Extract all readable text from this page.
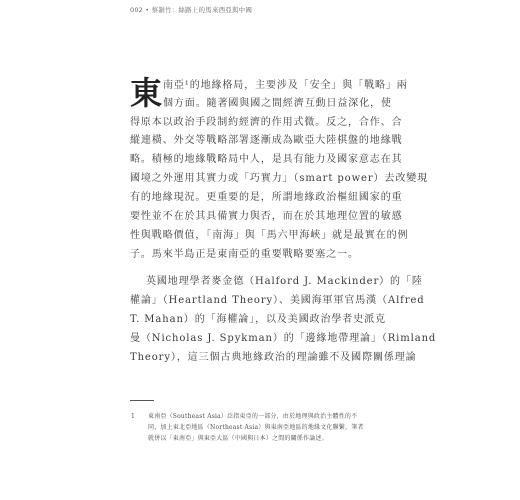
002 • 蔡韻竹：絲路上的馬來西亞與中國
東 南亞¹的地緣格局，主要涉及「安全」與「戰略」兩
個方面。隨著國與國之間經濟互動日益深化，使
得原本以政治手段制約經濟的作用式微。反之，合作、合
縱連橫、外交等戰略部署逐漸成為歐亞大陸棋盤的地緣戰
略。積極的地緣戰略局中人，是具有能力及國家意志在其
國境之外運用其實力或「巧實力」（smart power）去改變現
有的地緣現況。更重要的是，所謂地緣政治樞紐國家的重
要性並不在於其具備實力與否，而在於其地理位置的敏感
性與戰略價值，「南海」與「馬六甲海峽」就是最實在的例
子。馬來半島正是東南亞的重要戰略要塞之一。
英國地理學者麥金德（Halford J. Mackinder）的「陸
權論」（Heartland Theory）、美國海軍軍官馬漢（Alfred
T. Mahan）的「海權論」，以及美國政治學者史派克
曼（Nicholas J. Spykman）的「邊緣地帶理論」（Rimland
Theory），這三個古典地緣政治的理論雖不及國際關係理論
1 東南亞（Southeast Asia）泛指東亞的一部分，由於地理與政治主體性的不
同，加上東北亞地區（Northeast Asia）與東南亞地區的地緣文化聯繫，筆者
就併以「東南亞」與東亞大區（中國與日本）之間的關係作論述。
